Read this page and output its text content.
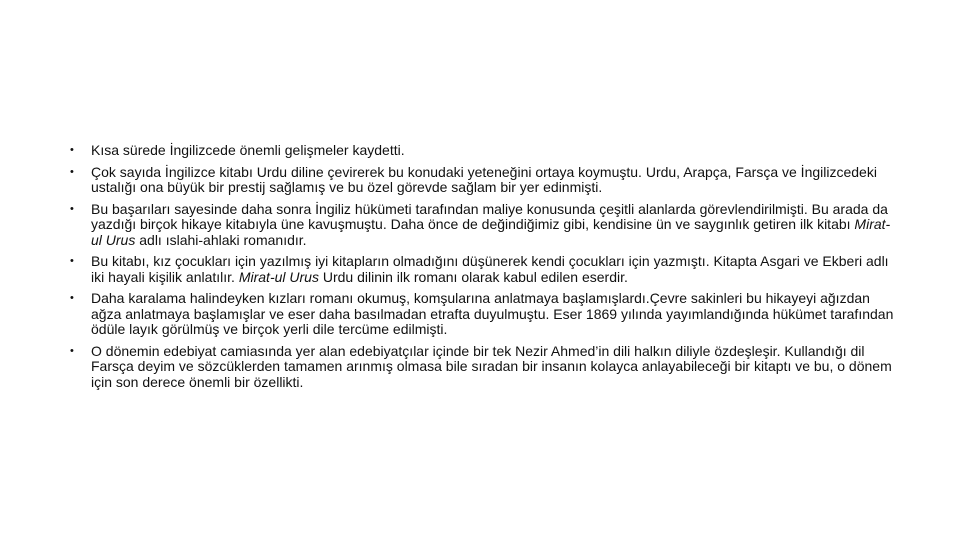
•	Kısa sürede İngilizcede önemli gelişmeler kaydetti.
•	Çok sayıda İngilizce kitabı Urdu diline çevirerek bu konudaki yeteneğini ortaya koymuştu. Urdu, Arapça, Farsça ve İngilizcedeki ustalığı ona büyük bir prestij sağlamış ve bu özel görevde sağlam bir yer edinmişti.
•	Bu başarıları sayesinde daha sonra İngiliz hükümeti tarafından maliye konusunda çeşitli alanlarda görevlendirilmişti. Bu arada da yazdığı birçok hikaye kitabıyla üne kavuşmuştu. Daha önce de değindiğimiz gibi, kendisine ün ve saygınlık getiren ilk kitabı Mirat-ul Urus adlı ıslahi-ahlaki romanıdır.
•	Bu kitabı, kız çocukları için yazılmış iyi kitapların olmadığını düşünerek kendi çocukları için yazmıştı. Kitapta Asgari ve Ekberi adlı iki hayali kişilik anlatılır. Mirat-ul Urus Urdu dilinin ilk romanı olarak kabul edilen eserdir.
•	Daha karalama halindeyken kızları romanı okumuş, komşularına anlatmaya başlamışlardı.Çevre sakinleri bu hikayeyi ağızdan ağza anlatmaya başlamışlar ve eser daha basılmadan etrafta duyulmuştu. Eser 1869 yılında yayımlandığında hükümet tarafından ödüle layık görülmüş ve birçok yerli dile tercüme edilmişti.
•	O dönemin edebiyat camiasında yer alan edebiyatçılar içinde bir tek Nezir Ahmed’in dili halkın diliyle özdeşleşir. Kullandığı dil Farsça deyim ve sözcüklerden tamamen arınmış olmasa bile sıradan bir insanın kolayca anlayabileceği bir kitaptı ve bu, o dönem için son derece önemli bir özellikti.
